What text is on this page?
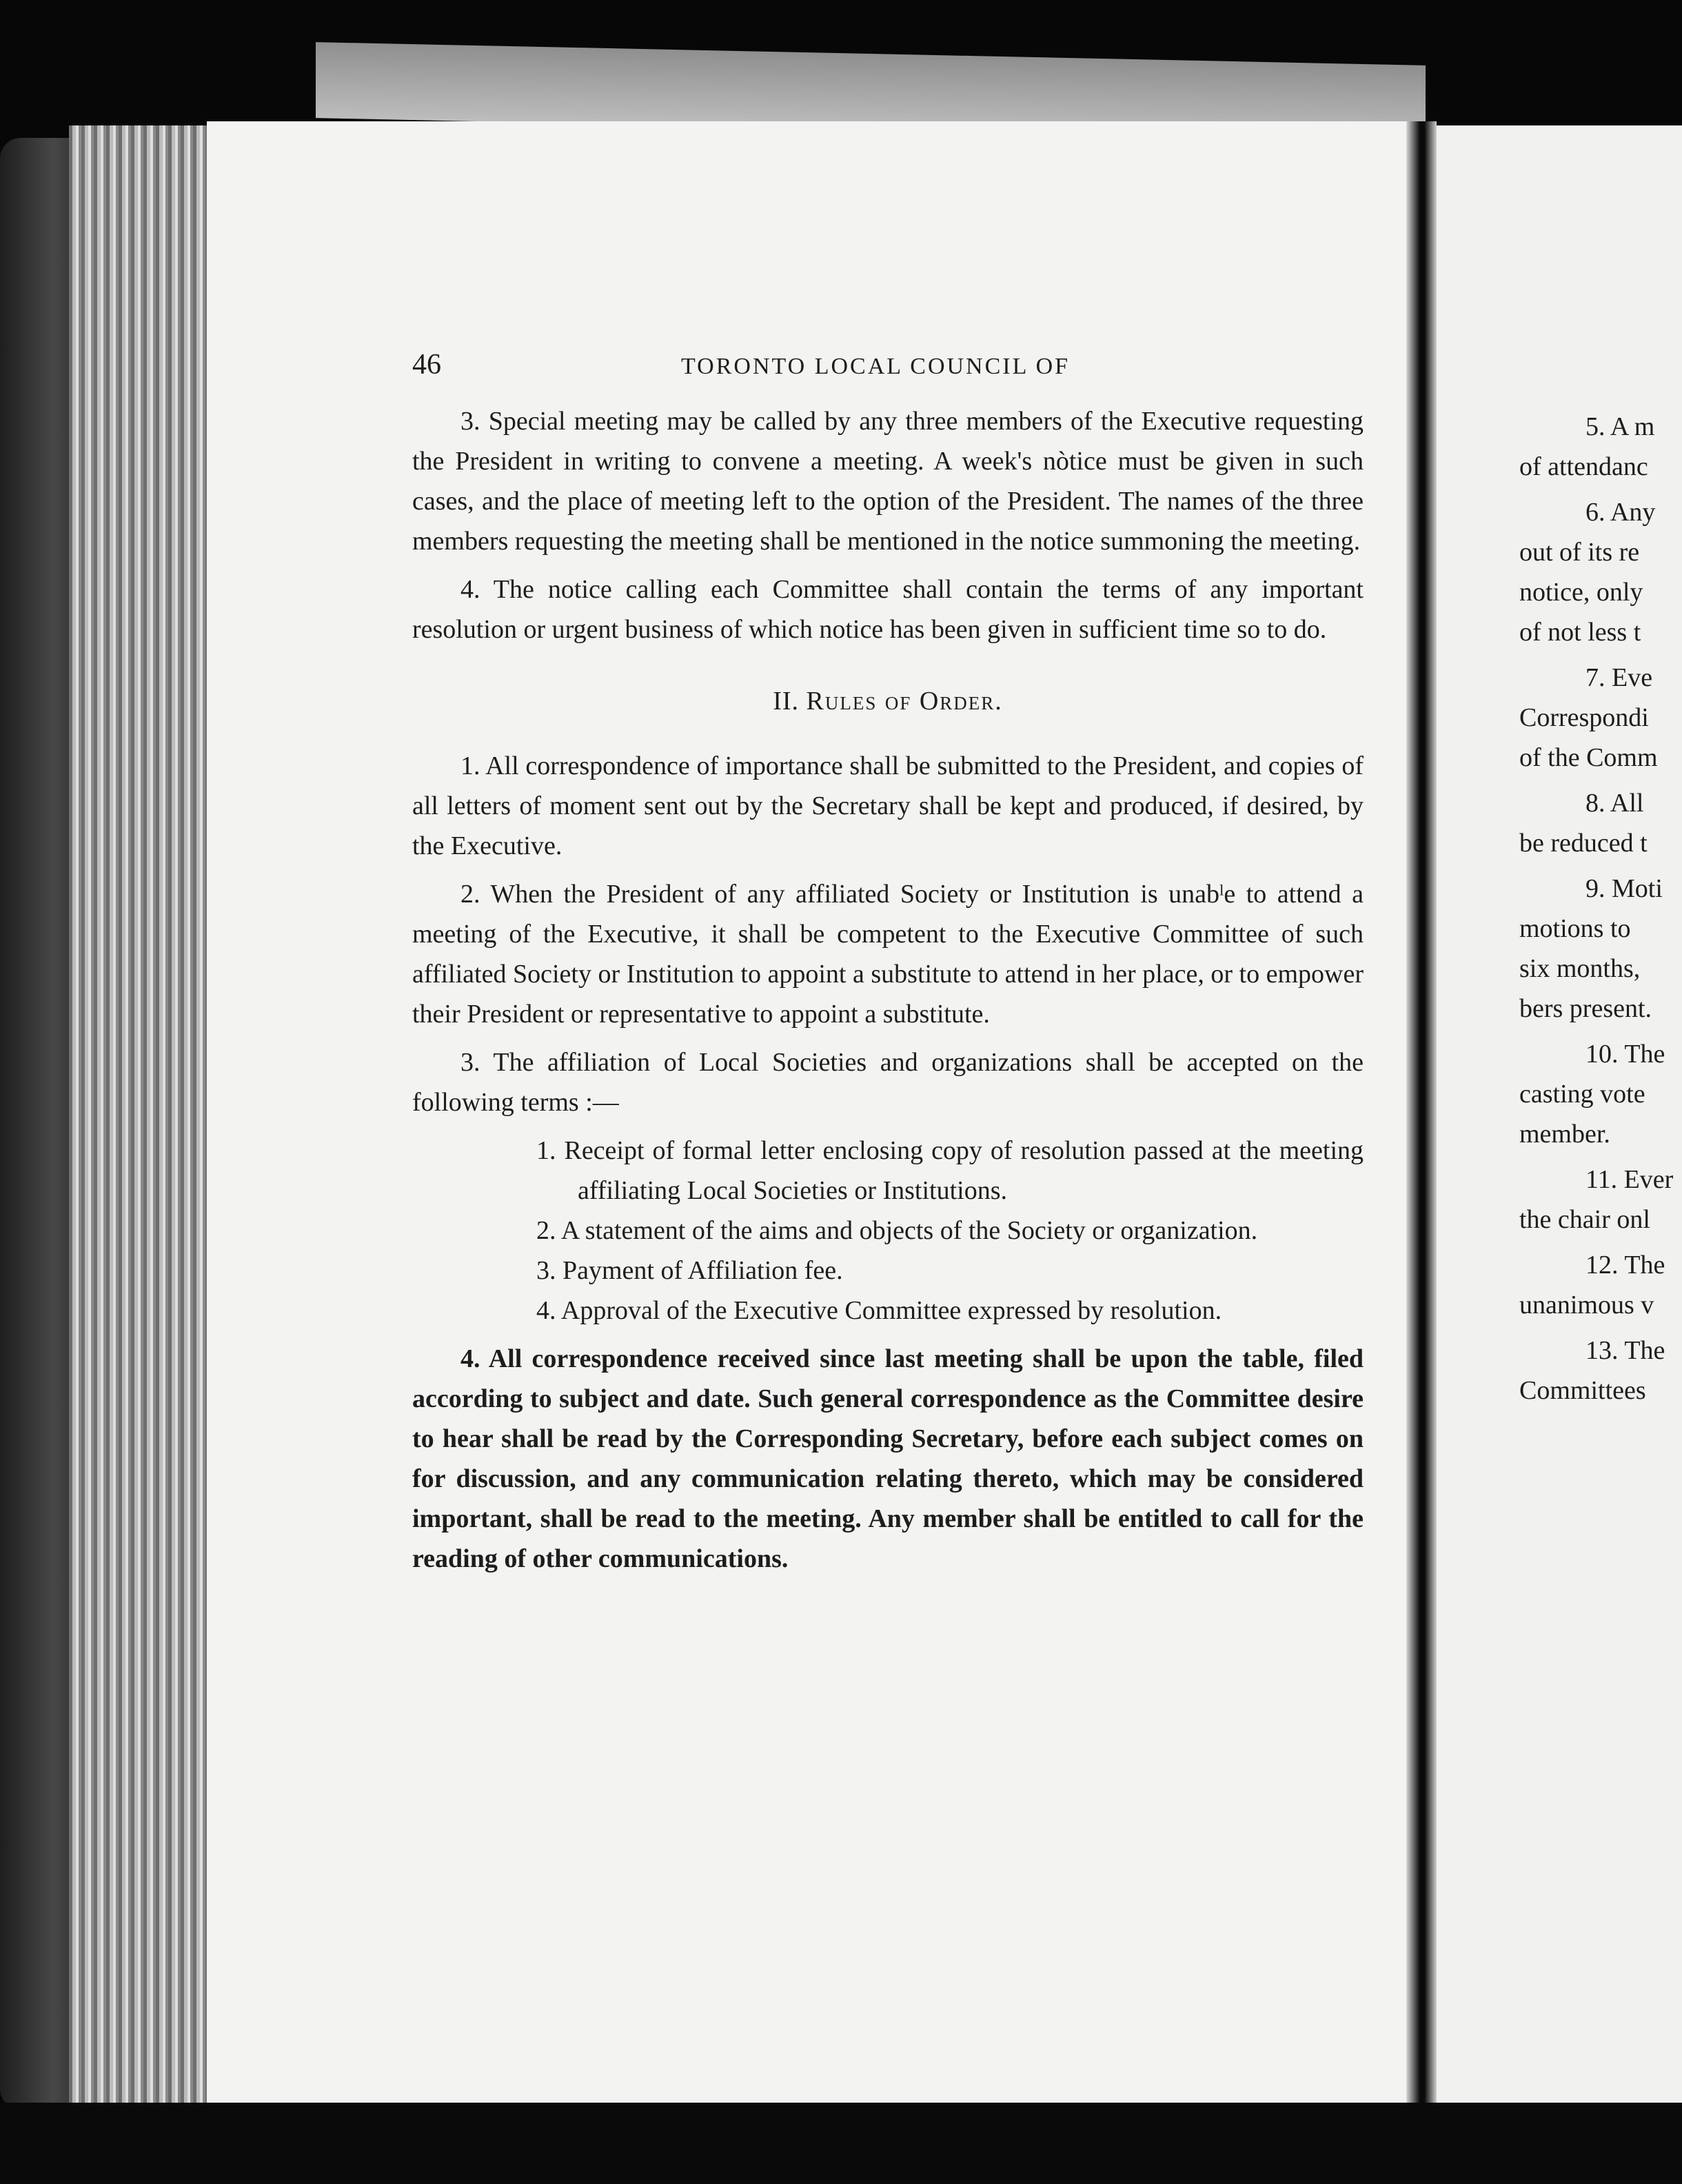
46	TORONTO LOCAL COUNCIL OF

3. Special meeting may be called by any three members of the Executive requesting the President in writing to convene a meeting. A week's nòtice must be given in such cases, and the place of meeting left to the option of the President. The names of the three members requesting the meeting shall be mentioned in the notice summoning the meeting.

4. The notice calling each Committee shall contain the terms of any important resolution or urgent business of which notice has been given in sufficient time so to do.

II. Rules of Order.

1. All correspondence of importance shall be submitted to the President, and copies of all letters of moment sent out by the Secretary shall be kept and produced, if desired, by the Executive.

2. When the President of any affiliated Society or Institution is unabˡe to attend a meeting of the Executive, it shall be competent to the Executive Committee of such affiliated Society or Institution to appoint a substitute to attend in her place, or to empower their President or representative to appoint a substitute.

3. The affiliation of Local Societies and organizations shall be accepted on the following terms :—

1. Receipt of formal letter enclosing copy of resolution passed at the meeting affiliating Local Societies or Institutions.
2. A statement of the aims and objects of the Society or organization.
3. Payment of Affiliation fee.
4. Approval of the Executive Committee expressed by resolution.

4. All correspondence received since last meeting shall be upon the table, filed according to subject and date. Such general correspondence as the Committee desire to hear shall be read by the Corresponding Secretary, before each subject comes on for discussion, and any communication relating thereto, which may be considered important, shall be read to the meeting. Any member shall be entitled to call for the reading of other communications.

5. A m
of attendanc
6. Any
out of its re
notice, only
of not less t
7. Eve
Correspondi
of the Comm
8. All
be reduced t
9. Moti
motions to
six months,
bers present.
10. The
casting vote
member.
11. Ever
the chair onl
12. The
unanimous v
13. The
Committees
